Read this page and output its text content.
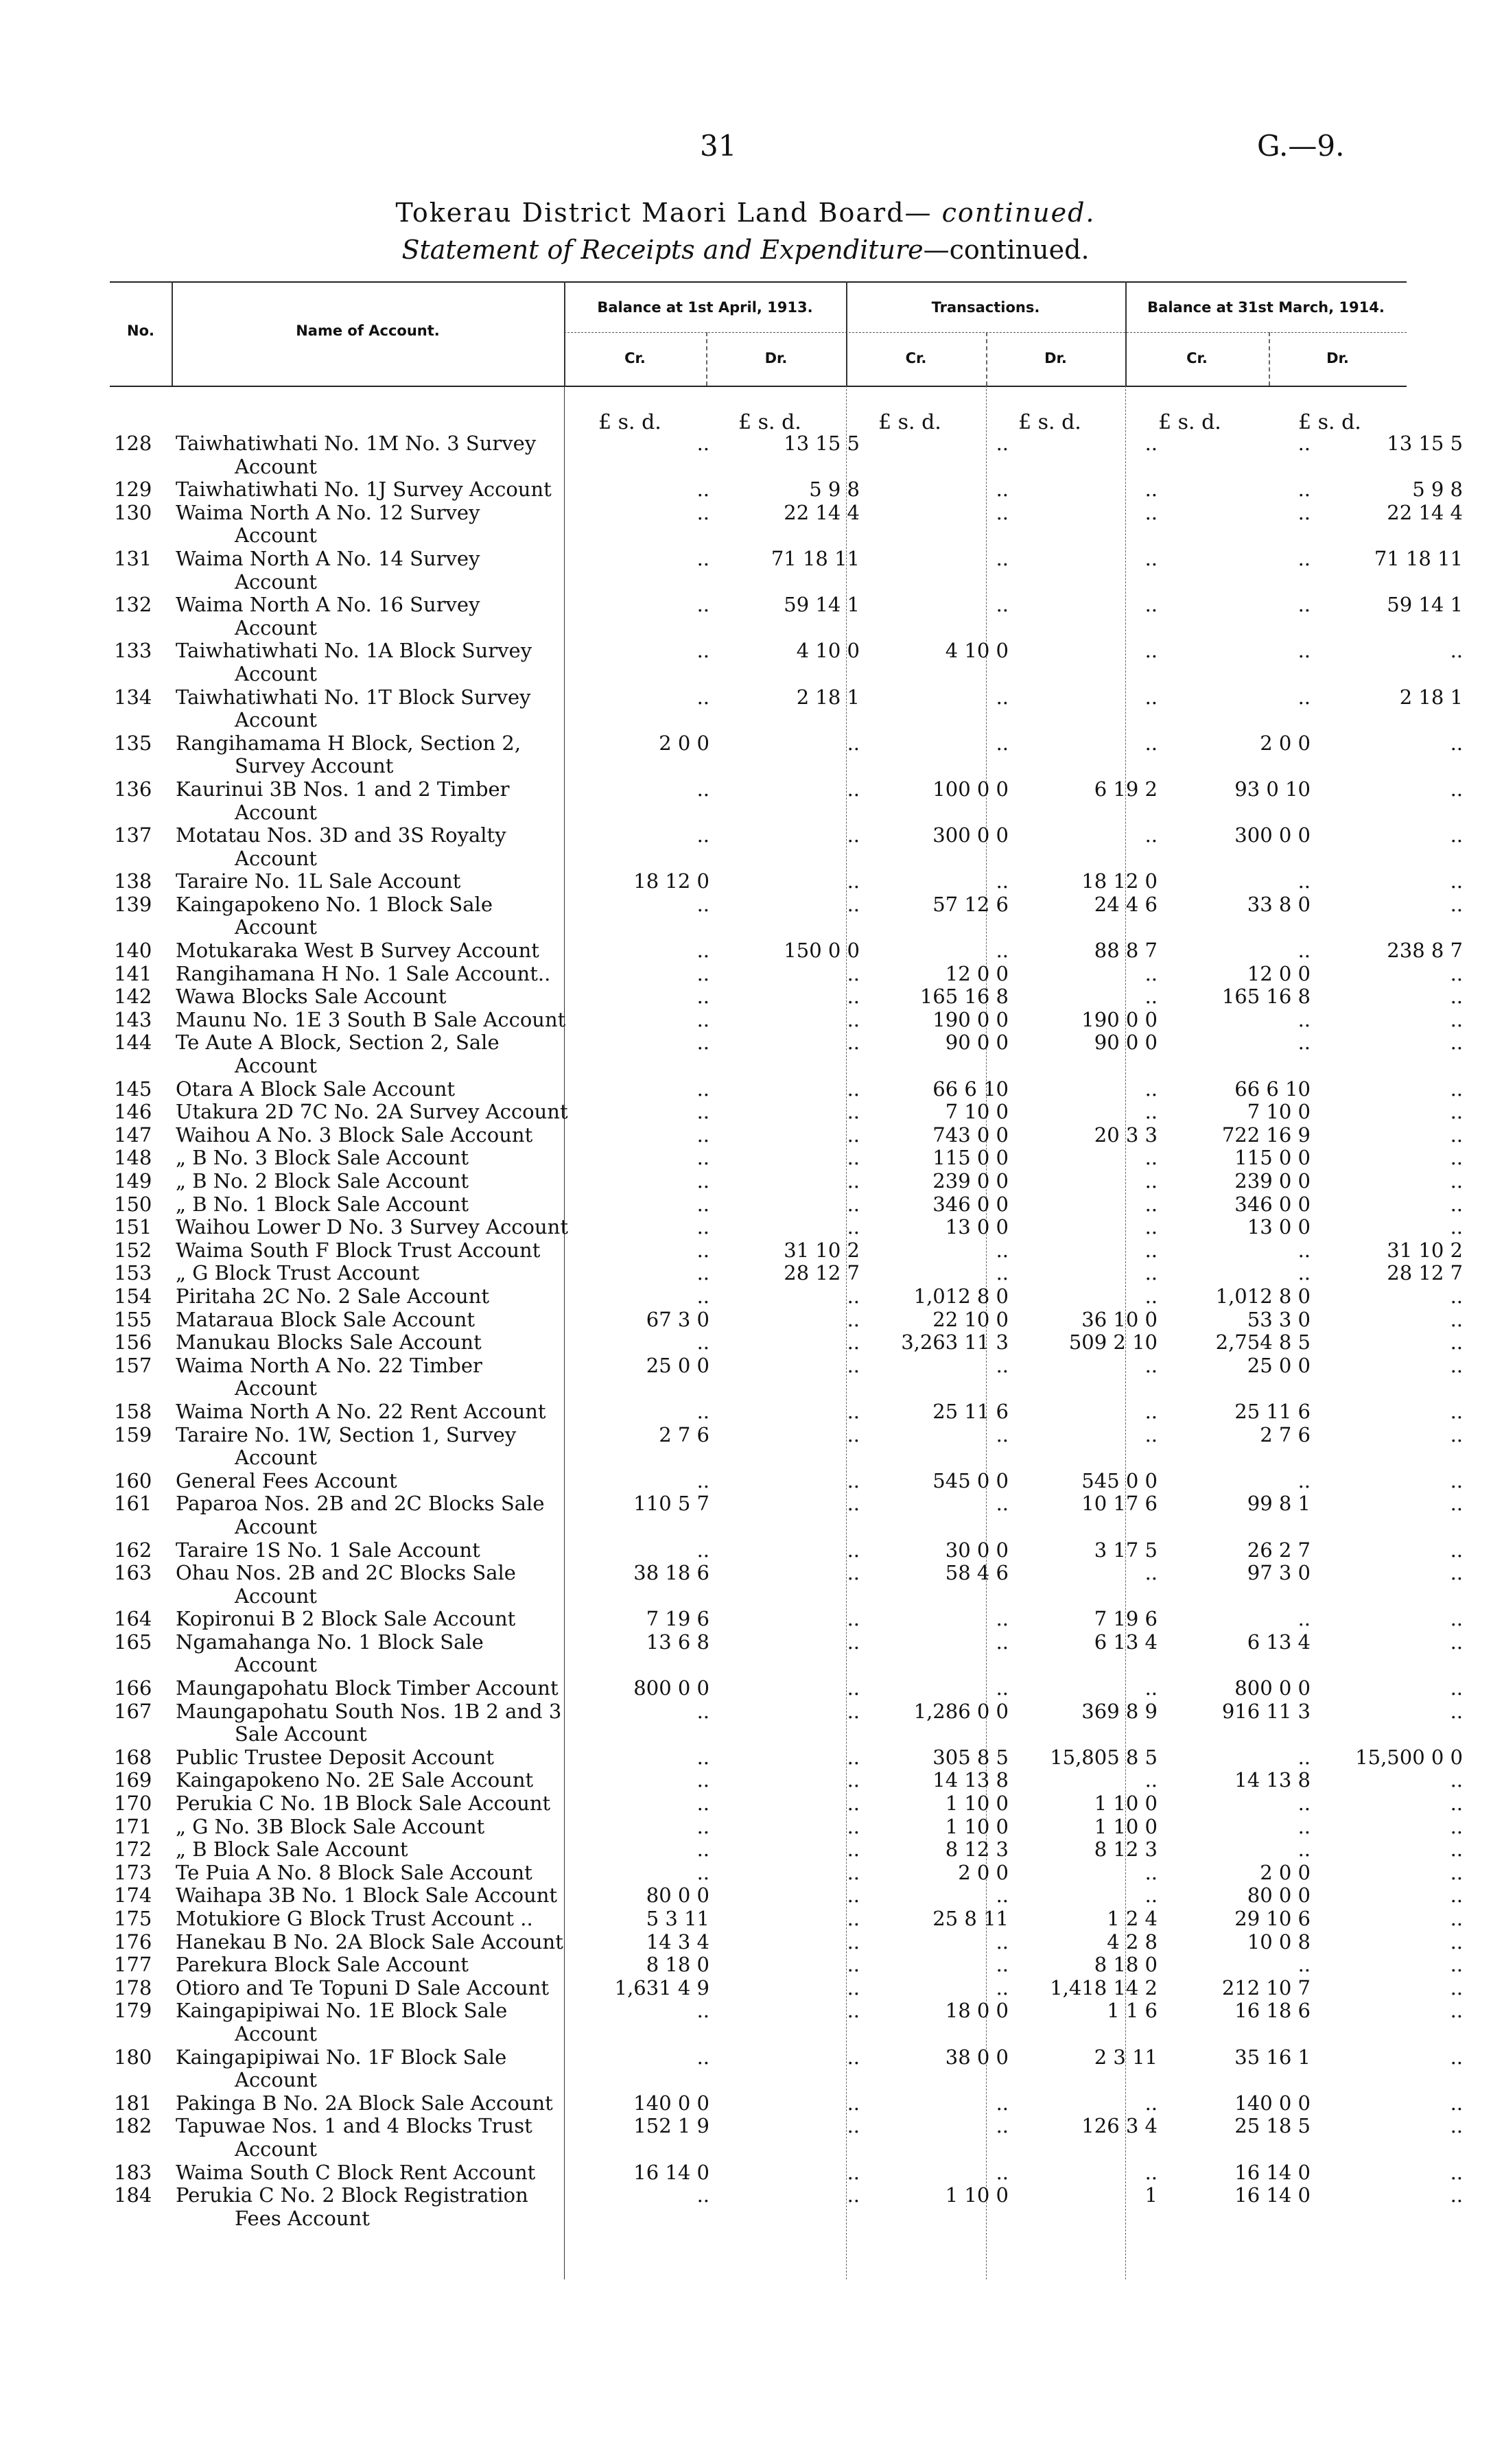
31	G.—9.
Tokerau District Maori Land Board— continued.
Statement of Receipts and Expenditure—continued.
No.	Name of Account.
Balance at 1st April, 1913.	Transactions.	Balance at 31st March, 1914.
Cr.	Dr.	Cr.	Dr.	Cr.	Dr.
£ s. d.	£ s. d.	£ s. d.	£ s. d.	£ s. d.	£ s. d.
128	Taiwhatiwhati No. 1M No. 3 Survey Account	..	13 15 5	..	..	..	13 15 5
129	Taiwhatiwhati No. 1J Survey Account	..	5 9 8	..	..	..	5 9 8
130	Waima North A No. 12 Survey Account	..	22 14 4	..	..	..	22 14 4
131	Waima North A No. 14 Survey Account	..	71 18 11	..	..	..	71 18 11
132	Waima North A No. 16 Survey Account	..	59 14 1	..	..	..	59 14 1
133	Taiwhatiwhati No. 1A Block Survey Account	..	4 10 0	4 10 0	..	..	..
134	Taiwhatiwhati No. 1T Block Survey Account	..	2 18 1	..	..	..	2 18 1
135	Rangihamama H Block, Section 2, Survey Account	2 0 0	..	..	..	2 0 0	..
136	Kaurinui 3B Nos. 1 and 2 Timber Account	..	..	100 0 0	6 19 2	93 0 10	..
137	Motatau Nos. 3D and 3S Royalty Account	..	..	300 0 0	..	300 0 0	..
138	Taraire No. 1L Sale Account	18 12 0	..	..	18 12 0	..	..
139	Kaingapokeno No. 1 Block Sale Account	..	..	57 12 6	24 4 6	33 8 0	..
140	Motukaraka West B Survey Account	..	150 0 0	..	88 8 7	..	238 8 7
141	Rangihamana H No. 1 Sale Account..	..	..	12 0 0	..	12 0 0	..
142	Wawa Blocks Sale Account	..	..	165 16 8	..	165 16 8	..
143	Maunu No. 1E 3 South B Sale Account	..	..	190 0 0	190 0 0	..	..
144	Te Aute A Block, Section 2, Sale Account	..	..	90 0 0	90 0 0	..	..
145	Otara A Block Sale Account	..	..	66 6 10	..	66 6 10	..
146	Utakura 2D 7C No. 2A Survey Account	..	..	7 10 0	..	7 10 0	..
147	Waihou A No. 3 Block Sale Account	..	..	743 0 0	20 3 3	722 16 9	..
148	„ B No. 3 Block Sale Account	..	..	115 0 0	..	115 0 0	..
149	„ B No. 2 Block Sale Account	..	..	239 0 0	..	239 0 0	..
150	„ B No. 1 Block Sale Account	..	..	346 0 0	..	346 0 0	..
151	Waihou Lower D No. 3 Survey Account	..	..	13 0 0	..	13 0 0	..
152	Waima South F Block Trust Account	..	31 10 2	..	..	..	31 10 2
153	„ G Block Trust Account	..	28 12 7	..	..	..	28 12 7
154	Piritaha 2C No. 2 Sale Account	..	..	1,012 8 0	..	1,012 8 0	..
155	Mataraua Block Sale Account	67 3 0	..	22 10 0	36 10 0	53 3 0	..
156	Manukau Blocks Sale Account	..	..	3,263 11 3	509 2 10	2,754 8 5	..
157	Waima North A No. 22 Timber Account	25 0 0	..	..	..	25 0 0	..
158	Waima North A No. 22 Rent Account	..	..	25 11 6	..	25 11 6	..
159	Taraire No. 1W, Section 1, Survey Account	2 7 6	..	..	..	2 7 6	..
160	General Fees Account	..	..	545 0 0	545 0 0	..	..
161	Paparoa Nos. 2B and 2C Blocks Sale Account	110 5 7	..	..	10 17 6	99 8 1	..
162	Taraire 1S No. 1 Sale Account	..	..	30 0 0	3 17 5	26 2 7	..
163	Ohau Nos. 2B and 2C Blocks Sale Account	38 18 6	..	58 4 6	..	97 3 0	..
164	Kopironui B 2 Block Sale Account	7 19 6	..	..	7 19 6	..	..
165	Ngamahanga No. 1 Block Sale Account	13 6 8	..	..	6 13 4	6 13 4	..
166	Maungapohatu Block Timber Account	800 0 0	..	..	..	800 0 0	..
167	Maungapohatu South Nos. 1B 2 and 3 Sale Account	..	..	1,286 0 0	369 8 9	916 11 3	..
168	Public Trustee Deposit Account	..	..	305 8 5	15,805 8 5	..	15,500 0 0
169	Kaingapokeno No. 2E Sale Account	..	..	14 13 8	..	14 13 8	..
170	Perukia C No. 1B Block Sale Account	..	..	1 10 0	1 10 0	..	..
171	„ G No. 3B Block Sale Account	..	..	1 10 0	1 10 0	..	..
172	„ B Block Sale Account	..	..	8 12 3	8 12 3	..	..
173	Te Puia A No. 8 Block Sale Account	..	..	2 0 0	..	2 0 0	..
174	Waihapa 3B No. 1 Block Sale Account	80 0 0	..	..	..	80 0 0	..
175	Motukiore G Block Trust Account ..	5 3 11	..	25 8 11	1 2 4	29 10 6	..
176	Hanekau B No. 2A Block Sale Account	14 3 4	..	..	4 2 8	10 0 8	..
177	Parekura Block Sale Account	8 18 0	..	..	8 18 0	..	..
178	Otioro and Te Topuni D Sale Account	1,631 4 9	..	..	1,418 14 2	212 10 7	..
179	Kaingapipiwai No. 1E Block Sale Account	..	..	18 0 0	1 1 6	16 18 6	..
180	Kaingapipiwai No. 1F Block Sale Account	..	..	38 0 0	2 3 11	35 16 1	..
181	Pakinga B No. 2A Block Sale Account	140 0 0	..	..	..	140 0 0	..
182	Tapuwae Nos. 1 and 4 Blocks Trust Account	152 1 9	..	..	126 3 4	25 18 5	..
183	Waima South C Block Rent Account	16 14 0	..	..	..	16 14 0	..
184	Perukia C No. 2 Block Registration Fees Account	..	..	1 10 0	1	16 14 0	..
